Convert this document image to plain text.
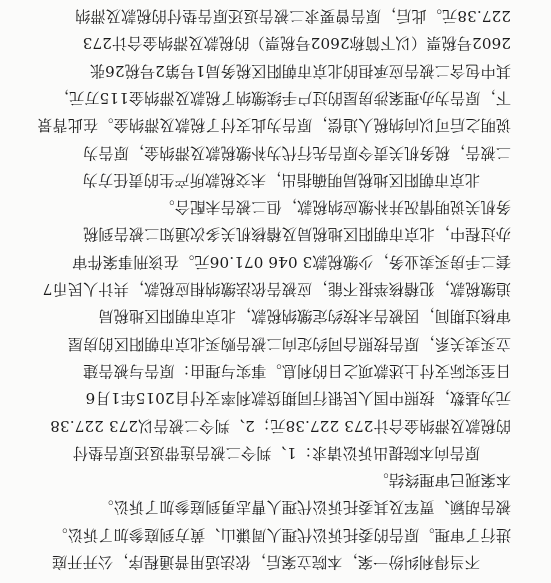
不当得利纠纷一案，本院立案后，依法适用普通程序，公开开庭
进行了审理。原告的委托诉讼代理人周谦山、黄方到庭参加了诉讼。
被告胡颖、贾军及其委托诉讼代理人曹志勇到庭参加了诉讼。
本案现已审理终结。
原告向本院提出诉讼请求：1、判令二被告连带返还原告垫付
的税款及滞纳金合计273 227.38元；2、判令二被告以273 227.38
元为基数，按照中国人民银行同期贷款利率支付自2015年1月6
日至实际支付上述款项之日的利息。事实与理由：原告与被告建
立买卖关系，原告按照合同约定向二被告购买北京市朝阳区的房屋
审核过期间，因被告未按约定缴纳税款，北京市朝阳区地税局
追缴税款，犯稽核举报不能，应被告依法缴纳相应税款，共计人民币7
套二手房买卖业务，少缴税款3 046 071.06元。在该刑事案件审
办过程中，北京市朝阳区地税局及稽核机关多次通知二被告到税
务机关说明情况并补缴应纳税款，但二被告未配合。
北京市朝阳区地税局明确指出，未交税款所产生的责任方为
二被告，税务机关责令原告先行代为补缴税款及滞纳金，原告为
说明之后可以向纳税人追偿，原告为此支付了税款及滞纳金。在此背景
下，原告为办理案涉房屋的过户手续缴纳了税款及滞纳金115万元，
其中包含二被告应承担的北京市朝阳区税务局1号第2号税26张
2602号税票（以下简称2602号税票）的税款及滞纳金合计273
227.38元。此后，原告曾要求二被告返还原告垫付的税款及滞纳
